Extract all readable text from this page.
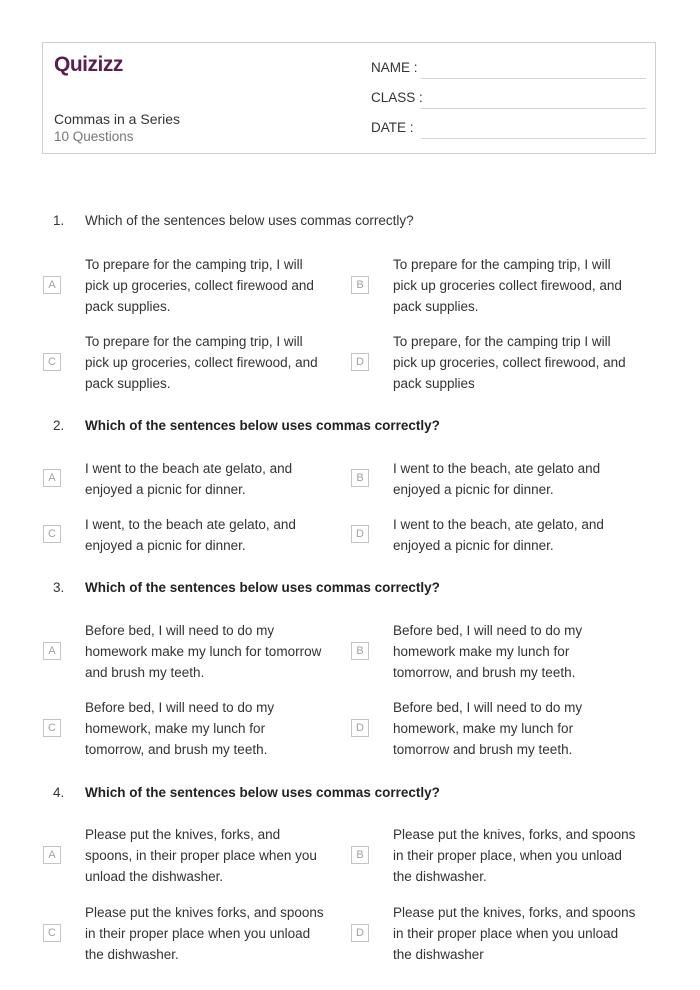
Quizizz
Commas in a Series
10 Questions
NAME :
CLASS :
DATE :
1. Which of the sentences below uses commas correctly?
A
To prepare for the camping trip, I will
pick up groceries, collect firewood and
pack supplies.
B
To prepare for the camping trip, I will
pick up groceries collect firewood, and
pack supplies.
C
To prepare for the camping trip, I will
pick up groceries, collect firewood, and
pack supplies.
D
To prepare, for the camping trip I will
pick up groceries, collect firewood, and
pack supplies
2. Which of the sentences below uses commas correctly?
A
I went to the beach ate gelato, and
enjoyed a picnic for dinner.
B
I went to the beach, ate gelato and
enjoyed a picnic for dinner.
C
I went, to the beach ate gelato, and
enjoyed a picnic for dinner.
D
I went to the beach, ate gelato, and
enjoyed a picnic for dinner.
3. Which of the sentences below uses commas correctly?
A
Before bed, I will need to do my
homework make my lunch for tomorrow
and brush my teeth.
B
Before bed, I will need to do my
homework make my lunch for
tomorrow, and brush my teeth.
C
Before bed, I will need to do my
homework, make my lunch for
tomorrow, and brush my teeth.
D
Before bed, I will need to do my
homework, make my lunch for
tomorrow and brush my teeth.
4. Which of the sentences below uses commas correctly?
A
Please put the knives, forks, and
spoons, in their proper place when you
unload the dishwasher.
B
Please put the knives, forks, and spoons
in their proper place, when you unload
the dishwasher.
C
Please put the knives forks, and spoons
in their proper place when you unload
the dishwasher.
D
Please put the knives, forks, and spoons
in their proper place when you unload
the dishwasher
